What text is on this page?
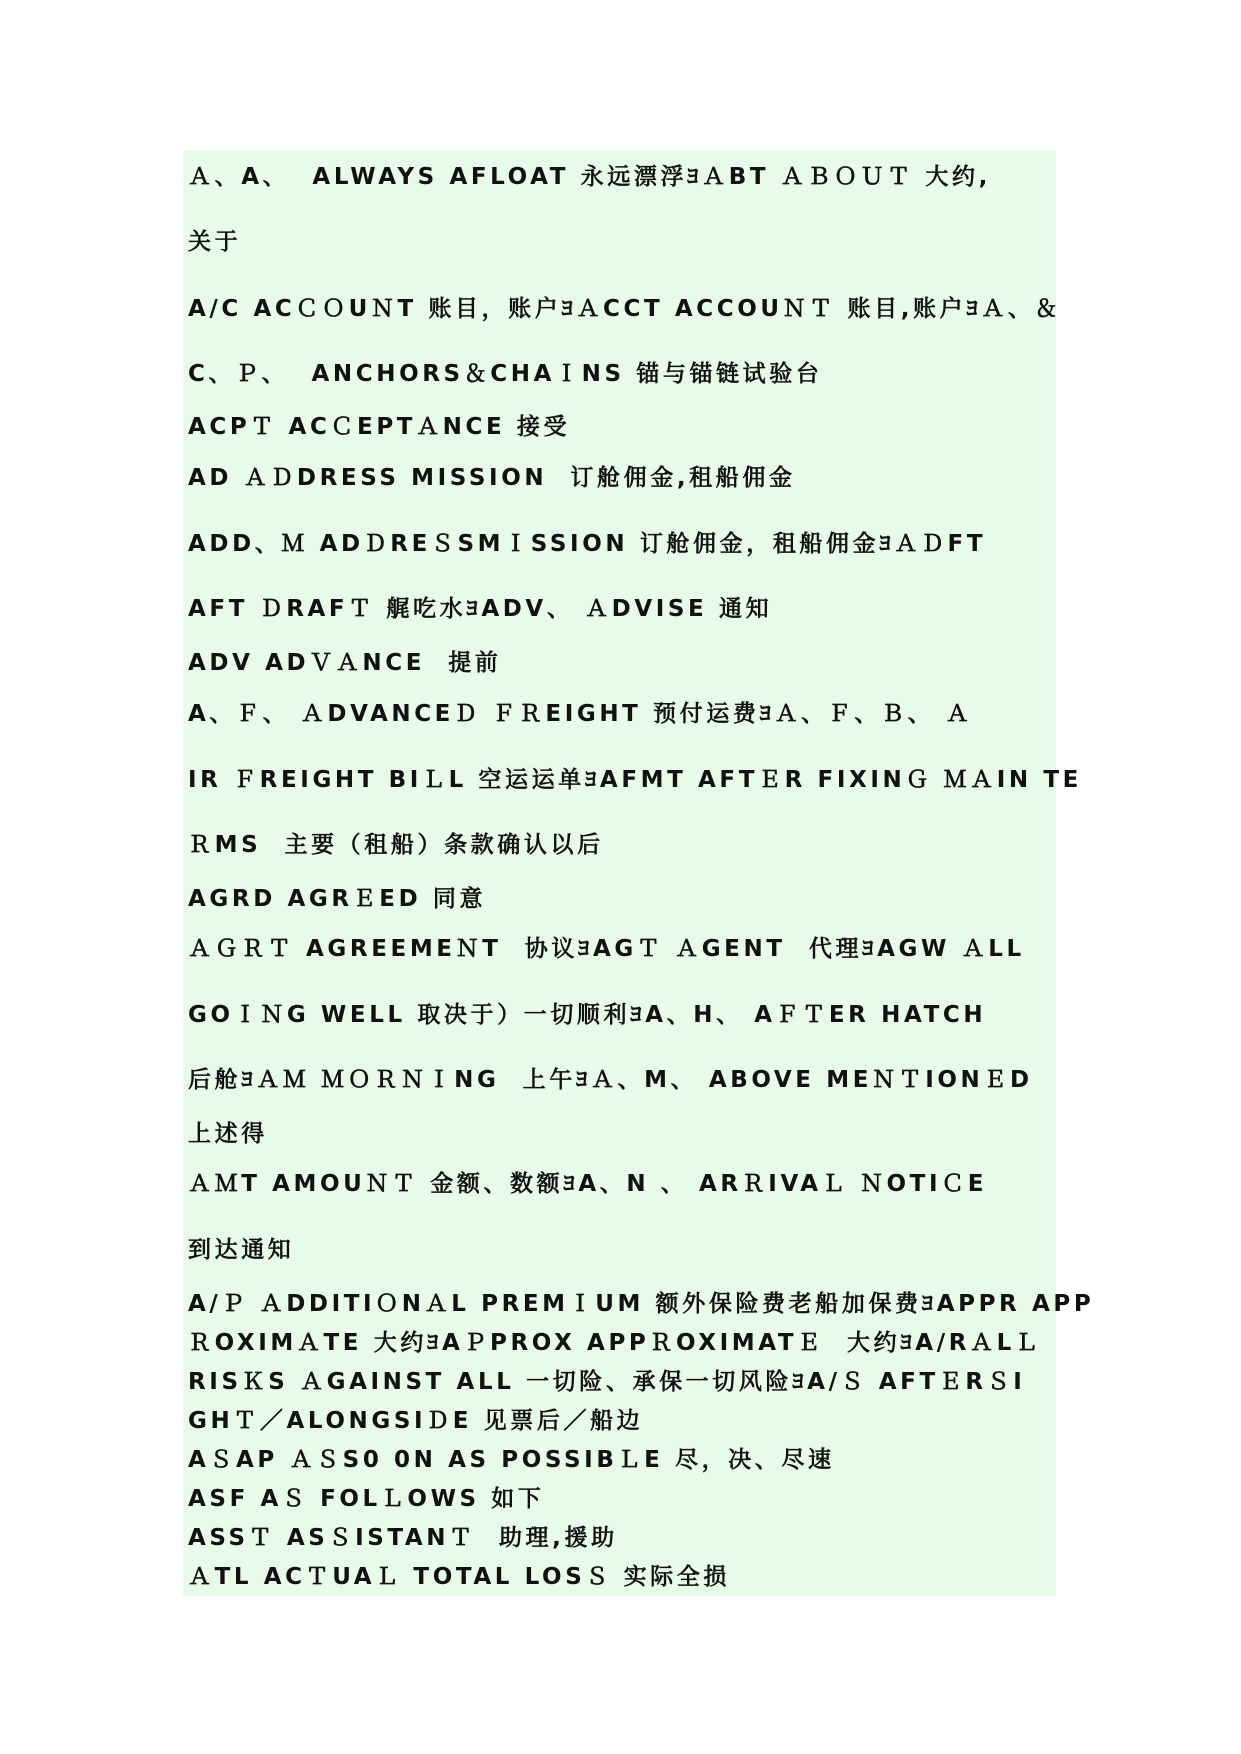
Ａ、A、  ALWAYS AFLOAT 永远漂浮ﾖＡBT ＡＢＯＵＴ 大约,
关于
A/C ACＣＯUＮT 账目，账户ﾖＡCCT ACCOUＮＴ 账目,账户ﾖＡ、＆
C、Ｐ、  ANCHORS＆CHAＩNS 锚与锚链试验台
ACPＴ ACＣEPTＡNCE 接受
AD ＡＤDRESS MISSION  订舱佣金,租船佣金
ADD、Ｍ ADＤREＳSMＩSSION 订舱佣金，租船佣金ﾖＡＤFT
AFT ＤRAFＴ 艉吃水ﾖADV、 ＡDVISE 通知
ADV ADＶＡNCE  提前
A、Ｆ、 ＡDVANCEＤ ＦＲEIGHT 预付运费ﾖＡ、Ｆ、Ｂ、 Ａ
IR ＦREIGHT BIＬL 空运运单ﾖAFMT AFTＥR FIXINＧ ＭＡIN TE
ＲMS  主要（租船）条款确认以后
AGRD AGRＥED 同意
ＡＧＲＴ AGREEMEＮT  协议ﾖAGＴ ＡGENT  代理ﾖAGW ＡLL
GOＩＮG WELL 取决于）一切顺利ﾖA、H、 AＦＴER HATCH
后舱ﾖＡＭ ＭＯＲＮＩNG  上午ﾖＡ、M、 ABOVE MEＮＴIONＥD
上述得
ＡＭT AMOUＮＴ 金额、数额ﾖA、N 、 ARＲIVAＬ ＮOTIＣE
到达通知
A/Ｐ ＡDDITIＯNＡL PREMＩUM 额外保险费老船加保费ﾖAPPR APP
ＲOXIMＡTE 大约ﾖAＰPROX APPＲOXIMATＥ  大约ﾖA/RＡLＬ
RISＫS ＡGAINST ALL 一切险、承保一切风险ﾖA/Ｓ AFTＥRＳI
GHＴ／ALONGSIＤE 见票后／船边
AＳAP ＡＳS0 0N AS POSSIBＬE 尽，决、尽速
ASF AＳ FOLＬOWS 如下
ASSＴ ASＳISTANＴ  助理,援助
ＡTL ACＴUAＬ TOTAL LOSＳ 实际全损
